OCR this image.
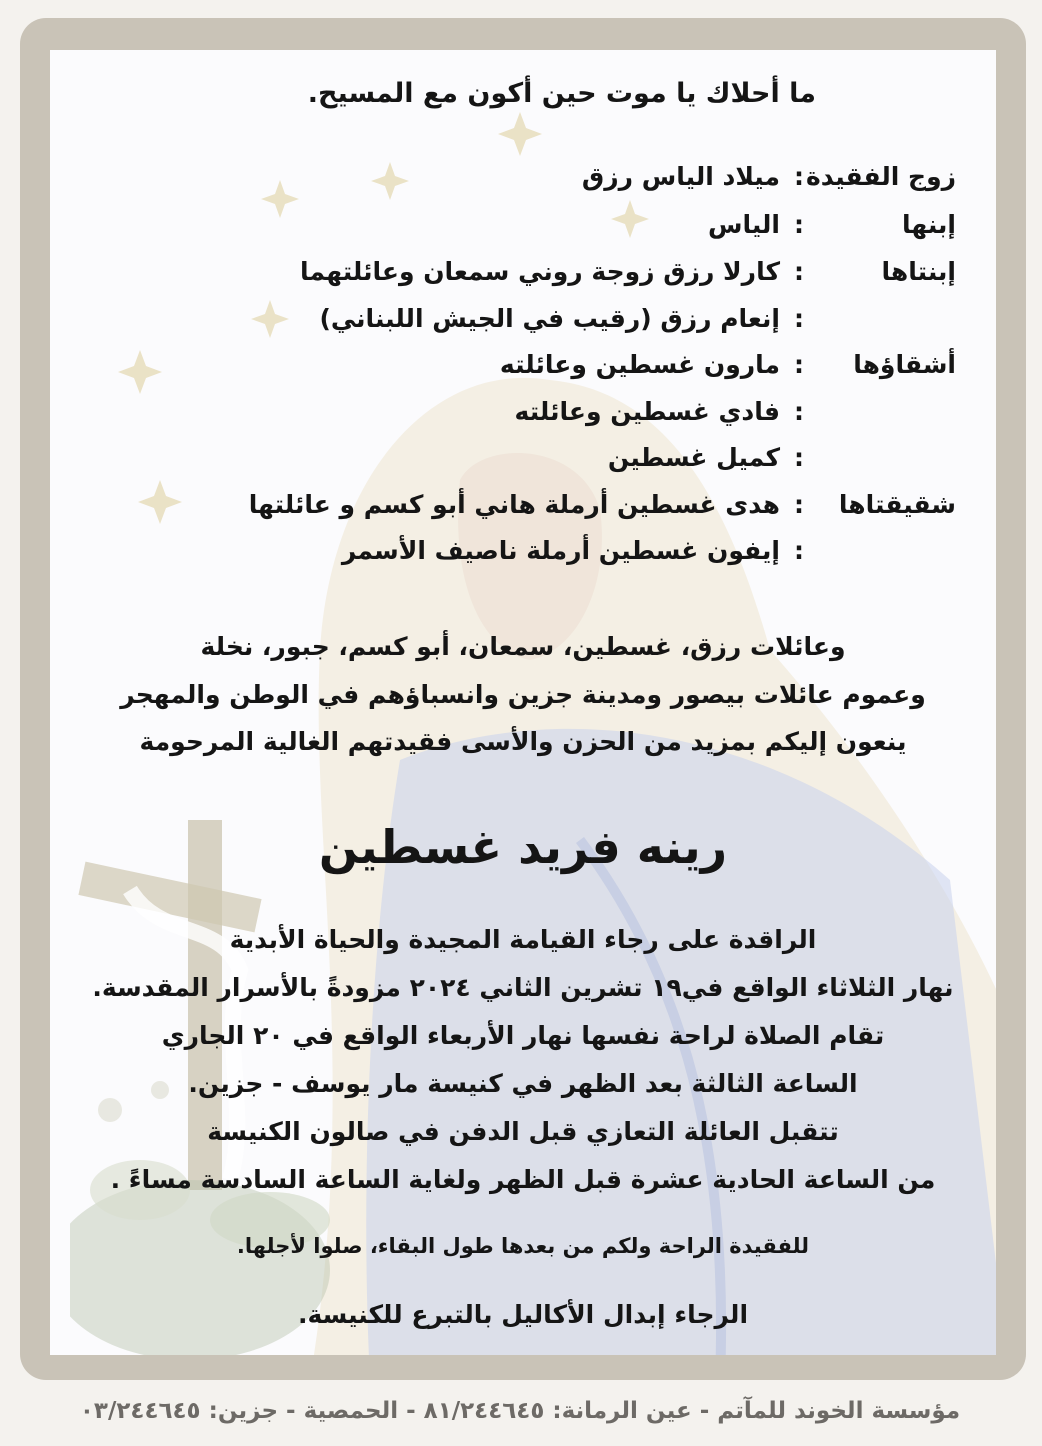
ما أحلاك يا موت حين أكون مع المسيح.
زوج الفقيدة
:
ميلاد الياس رزق
إبنها
:
الياس
إبنتاها
:
كارلا رزق زوجة روني سمعان وعائلتهما
:
إنعام رزق (رقيب في الجيش اللبناني)
أشقاؤها
:
مارون غسطين وعائلته
:
فادي غسطين وعائلته
:
كميل غسطين
شقيقتاها
:
هدى غسطين أرملة هاني أبو كسم و عائلتها
:
إيفون غسطين أرملة ناصيف الأسمر
وعائلات رزق، غسطين، سمعان، أبو كسم، جبور، نخلة
وعموم عائلات بيصور ومدينة جزين وانسباؤهم في الوطن والمهجر
ينعون إليكم بمزيد من الحزن والأسى فقيدتهم الغالية المرحومة
رينه فريد غسطين
الراقدة على رجاء القيامة المجيدة والحياة الأبدية
نهار الثلاثاء الواقع في١٩ تشرين الثاني ٢٠٢٤ مزودةً بالأسرار المقدسة.
تقام الصلاة لراحة نفسها نهار الأربعاء الواقع في ٢٠ الجاري
الساعة الثالثة بعد الظهر في كنيسة مار يوسف - جزين.
تتقبل العائلة التعازي قبل الدفن في صالون الكنيسة
من الساعة الحادية عشرة قبل الظهر ولغاية الساعة السادسة مساءً .
للفقيدة الراحة ولكم من بعدها طول البقاء، صلوا لأجلها.
الرجاء إبدال الأكاليل بالتبرع للكنيسة.
مؤسسة الخوند للمآتم - عين الرمانة: ٨١/٢٤٤٦٤٥ - الحمصية - جزين: ٠٣/٢٤٤٦٤٥
